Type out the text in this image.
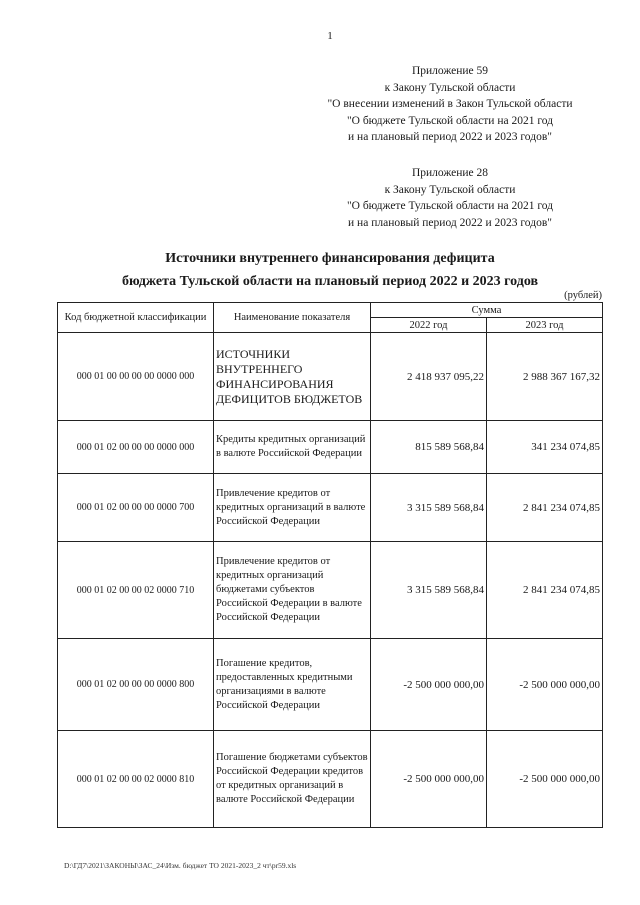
1
Приложение 59
к Закону Тульской области
"О внесении изменений в Закон Тульской области
"О бюджете Тульской области на 2021 год
и на плановый период 2022 и 2023 годов"
Приложение 28
к Закону Тульской области
"О бюджете Тульской области на 2021 год
и на плановый период 2022 и 2023 годов"
Источники внутреннего финансирования дефицита
бюджета Тульской области на плановый период 2022 и 2023 годов
(рублей)
Код бюджетной классификации	Наименование показателя	Сумма	
		2022 год	2023 год
000 01 00 00 00 00 0000 000	ИСТОЧНИКИ ВНУТРЕННЕГО ФИНАНСИРОВАНИЯ ДЕФИЦИТОВ БЮДЖЕТОВ	2 418 937 095,22	2 988 367 167,32
000 01 02 00 00 00 0000 000	Кредиты кредитных организаций в валюте Российской Федерации	815 589 568,84	341 234 074,85
000 01 02 00 00 00 0000 700	Привлечение кредитов от кредитных организаций в валюте Российской Федерации	3 315 589 568,84	2 841 234 074,85
000 01 02 00 00 02 0000 710	Привлечение кредитов от кредитных организаций бюджетами субъектов Российской Федерации в валюте Российской Федерации	3 315 589 568,84	2 841 234 074,85
000 01 02 00 00 00 0000 800	Погашение кредитов, предоставленных кредитными организациями в валюте Российской Федерации	-2 500 000 000,00	-2 500 000 000,00
000 01 02 00 00 02 0000 810	Погашение бюджетами субъектов Российской Федерации кредитов от кредитных организаций в валюте Российской Федерации	-2 500 000 000,00	-2 500 000 000,00
D:\ГД7\2021\ЗАКОНЫ\ЗАС_24\Изм. бюджет ТО 2021-2023_2 чт\pr59.xls
